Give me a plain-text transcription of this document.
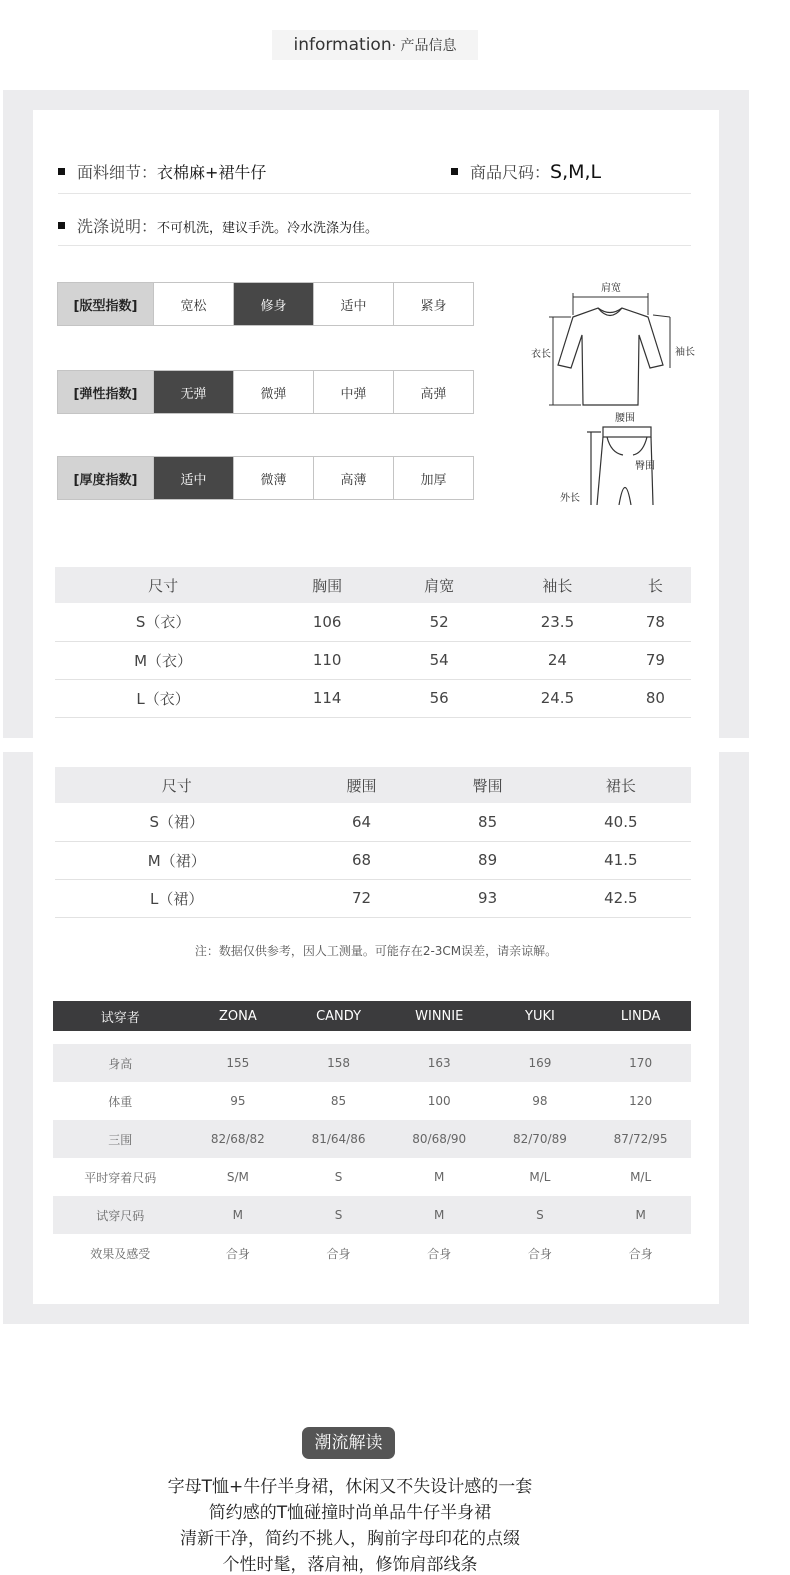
information· 产品信息
面料细节：衣棉麻+裙牛仔	商品尺码：S,M,L
洗涤说明：不可机洗，建议手洗。冷水洗涤为佳。
[版型指数]	宽松	修身	适中	紧身
[弹性指数]	无弹	微弹	中弹	高弹
[厚度指数]	适中	微薄	高薄	加厚
肩宽
衣长	袖长
腰围
臀围
外长
尺寸	胸围	肩宽	袖长	长
S（衣）	106	52	23.5	78
M（衣）	110	54	24	79
L（衣）	114	56	24.5	80
尺寸	腰围	臀围	裙长
S（裙）	64	85	40.5
M（裙）	68	89	41.5
L（裙）	72	93	42.5
注：数据仅供参考，因人工测量。可能存在2-3CM误差，请亲谅解。
试穿者	ZONA	CANDY	WINNIE	YUKI	LINDA

身高	155	158	163	169	170
体重	95	85	100	98	120
三围	82/68/82	81/64/86	80/68/90	82/70/89	87/72/95
平时穿着尺码	S/M	S	M	M/L	M/L
试穿尺码	M	S	M	S	M
效果及感受	合身	合身	合身	合身	合身
潮流解读
字母T恤+牛仔半身裙，休闲又不失设计感的一套
简约感的T恤碰撞时尚单品牛仔半身裙
清新干净，简约不挑人，胸前字母印花的点缀
个性时髦，落肩袖，修饰肩部线条
